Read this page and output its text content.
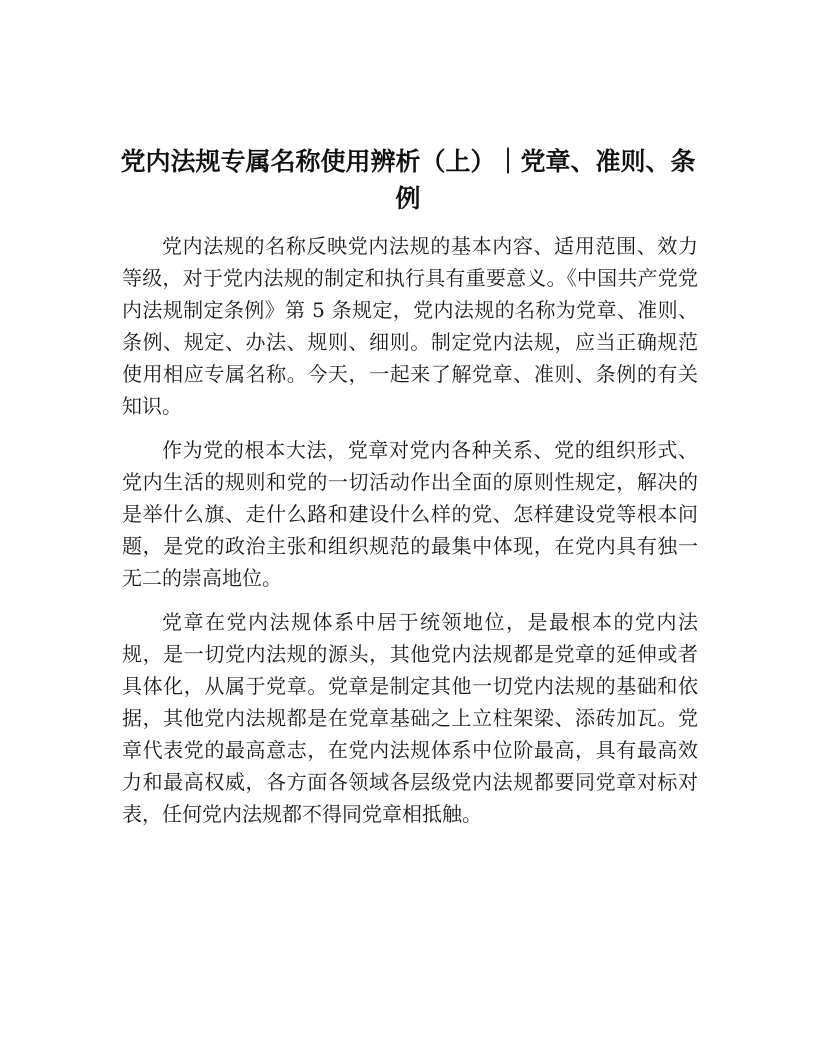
党内法规专属名称使用辨析（上）｜党章、准则、条例

党内法规的名称反映党内法规的基本内容、适用范围、效力等级，对于党内法规的制定和执行具有重要意义。《中国共产党党内法规制定条例》第 5 条规定，党内法规的名称为党章、准则、条例、规定、办法、规则、细则。制定党内法规，应当正确规范使用相应专属名称。今天，一起来了解党章、准则、条例的有关知识。

作为党的根本大法，党章对党内各种关系、党的组织形式、党内生活的规则和党的一切活动作出全面的原则性规定，解决的是举什么旗、走什么路和建设什么样的党、怎样建设党等根本问题，是党的政治主张和组织规范的最集中体现，在党内具有独一无二的崇高地位。

党章在党内法规体系中居于统领地位，是最根本的党内法规，是一切党内法规的源头，其他党内法规都是党章的延伸或者具体化，从属于党章。党章是制定其他一切党内法规的基础和依据，其他党内法规都是在党章基础之上立柱架梁、添砖加瓦。党章代表党的最高意志，在党内法规体系中位阶最高，具有最高效力和最高权威，各方面各领域各层级党内法规都要同党章对标对表，任何党内法规都不得同党章相抵触。
